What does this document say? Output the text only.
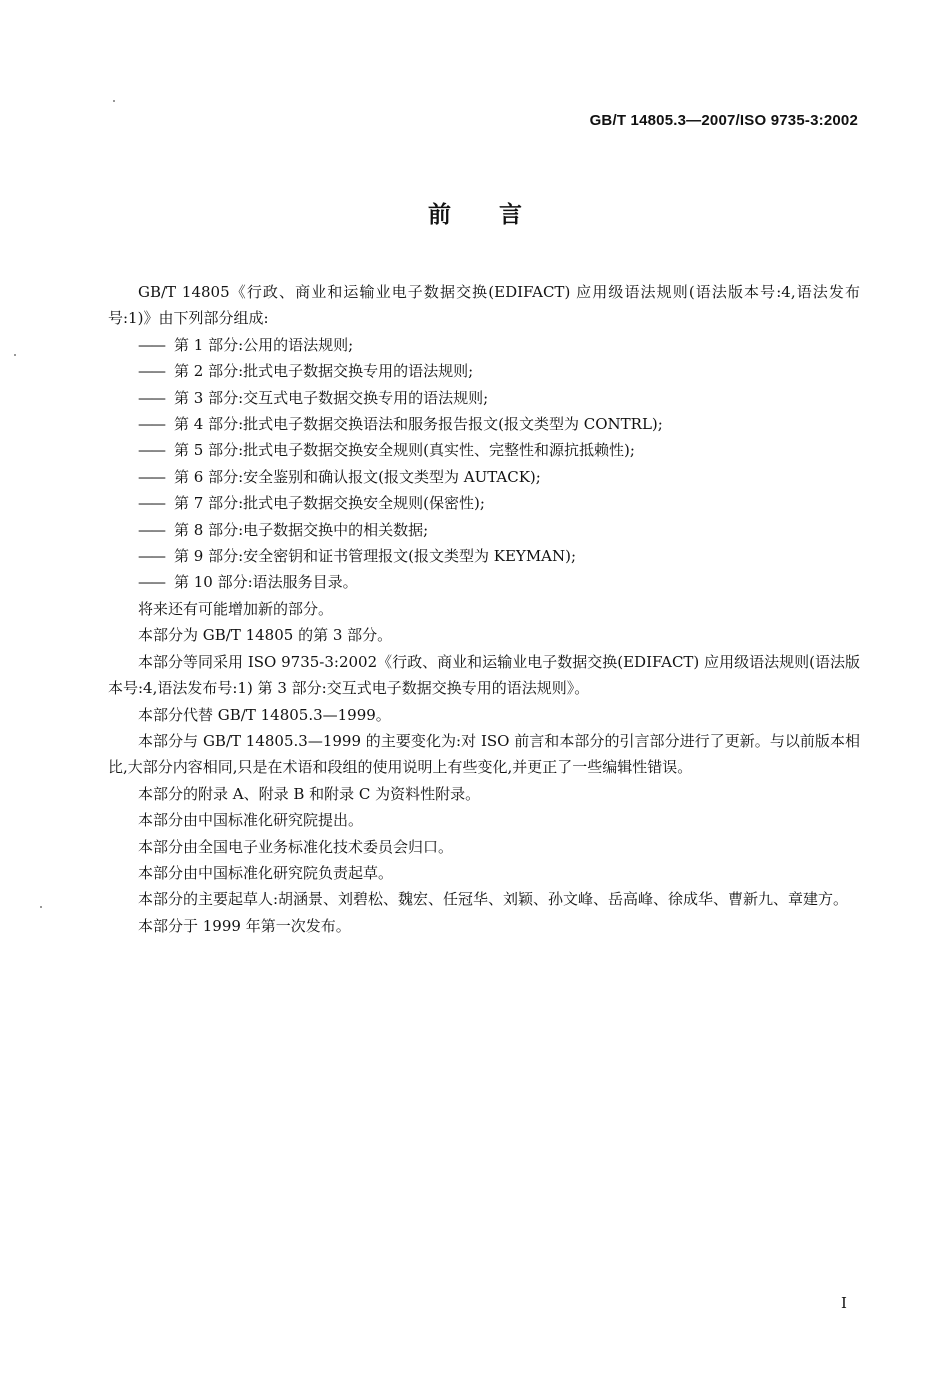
GB/T 14805.3—2007/ISO 9735-3:2002
前言

GB/T 14805《行政、商业和运输业电子数据交换(EDIFACT) 应用级语法规则(语法版本号:4,语法发布号:1)》由下列部分组成:

—— 第 1 部分:公用的语法规则;

—— 第 2 部分:批式电子数据交换专用的语法规则;

—— 第 3 部分:交互式电子数据交换专用的语法规则;

—— 第 4 部分:批式电子数据交换语法和服务报告报文(报文类型为 CONTRL);

—— 第 5 部分:批式电子数据交换安全规则(真实性、完整性和源抗抵赖性);

—— 第 6 部分:安全鉴别和确认报文(报文类型为 AUTACK);

—— 第 7 部分:批式电子数据交换安全规则(保密性);

—— 第 8 部分:电子数据交换中的相关数据;

—— 第 9 部分:安全密钥和证书管理报文(报文类型为 KEYMAN);

—— 第 10 部分:语法服务目录。

将来还有可能增加新的部分。

本部分为 GB/T 14805 的第 3 部分。

本部分等同采用 ISO 9735-3:2002《行政、商业和运输业电子数据交换(EDIFACT) 应用级语法规则(语法版本号:4,语法发布号:1) 第 3 部分:交互式电子数据交换专用的语法规则》。

本部分代替 GB/T 14805.3—1999。

本部分与 GB/T 14805.3—1999 的主要变化为:对 ISO 前言和本部分的引言部分进行了更新。与以前版本相比,大部分内容相同,只是在术语和段组的使用说明上有些变化,并更正了一些编辑性错误。

本部分的附录 A、附录 B 和附录 C 为资料性附录。

本部分由中国标准化研究院提出。

本部分由全国电子业务标准化技术委员会归口。

本部分由中国标准化研究院负责起草。

本部分的主要起草人:胡涵景、刘碧松、魏宏、任冠华、刘颖、孙文峰、岳高峰、徐成华、曹新九、章建方。

本部分于 1999 年第一次发布。

I
